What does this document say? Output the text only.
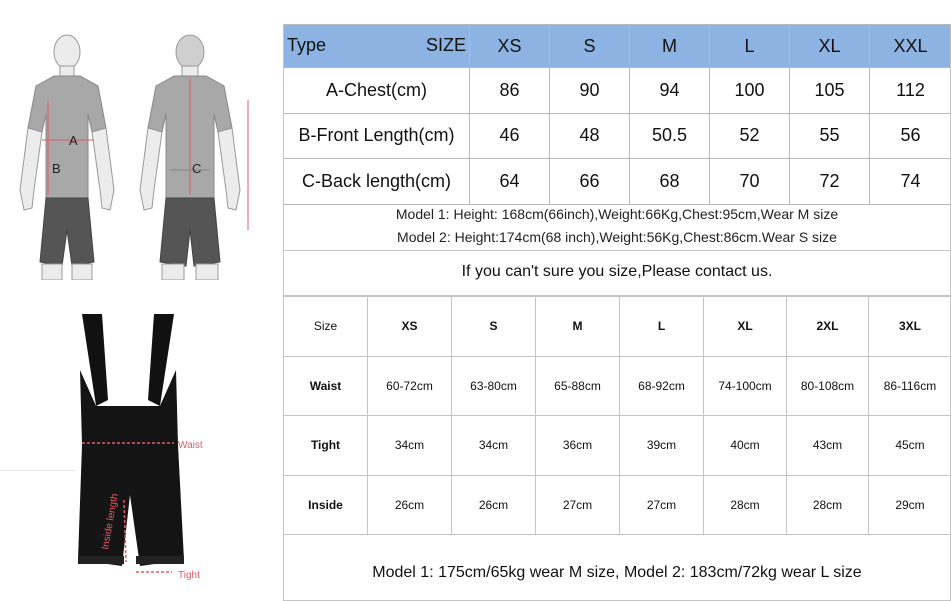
A
B	C
Waist
Inside length
Tight
Type SIZE	XS	S	M	L	XL	XXL
A-Chest(cm)	86	90	94	100	105	112
B-Front Length(cm)	46	48	50.5	52	55	56
C-Back length(cm)	64	66	68	70	72	74
Model 1: Height: 168cm(66inch),Weight:66Kg,Chest:95cm,Wear M size
Model 2: Height:174cm(68 inch),Weight:56Kg,Chest:86cm.Wear S size
If you can't sure you size,Please contact us.
Size	XS	S	M	L	XL	2XL	3XL
Waist	60-72cm	63-80cm	65-88cm	68-92cm	74-100cm	80-108cm	86-116cm
Tight	34cm	34cm	36cm	39cm	40cm	43cm	45cm
Inside	26cm	26cm	27cm	27cm	28cm	28cm	29cm
Model 1: 175cm/65kg wear M size, Model 2: 183cm/72kg wear L size
